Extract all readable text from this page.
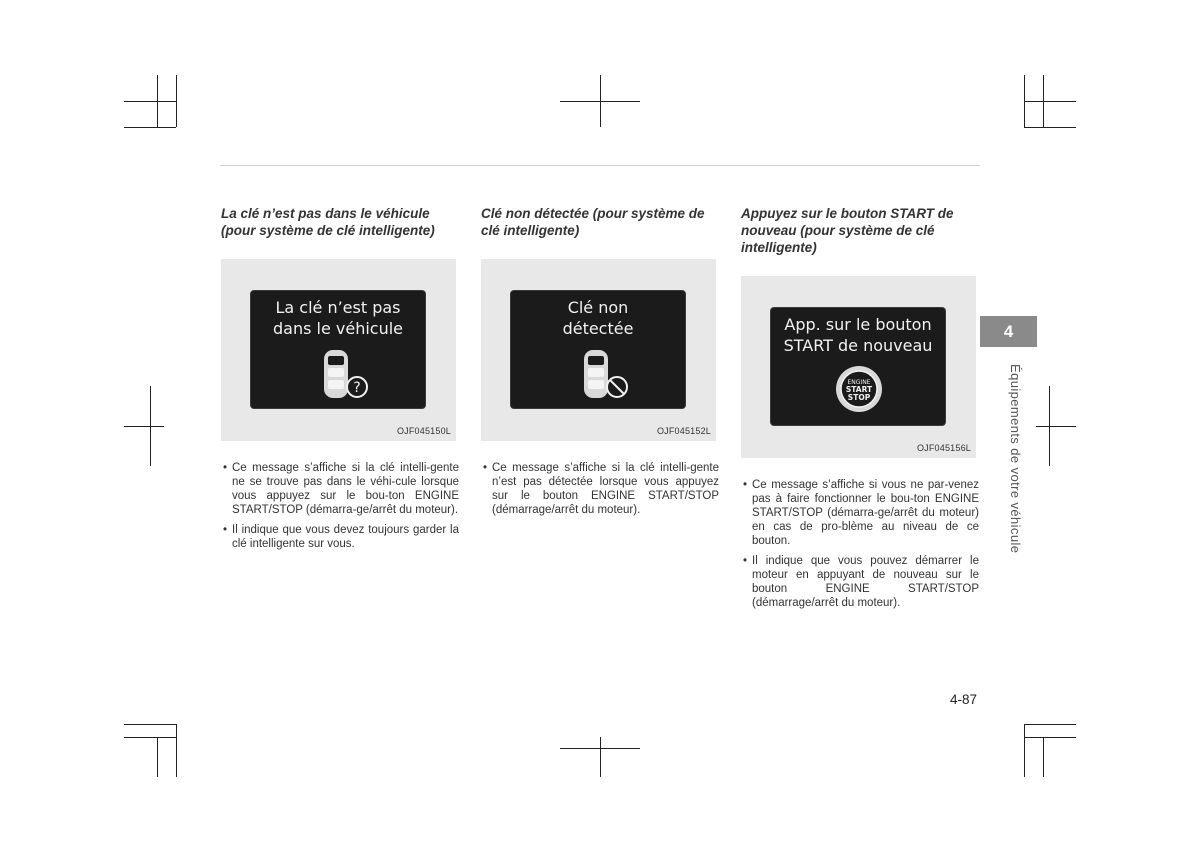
La clé n’est pas dans le véhicule (pour système de clé intelligente)
La clé n’est pas
dans le véhicule
?
OJF045150L
• Ce message s’affiche si la clé intelli-gente ne se trouve pas dans le véhi-cule lorsque vous appuyez sur le bou-ton ENGINE START/STOP (démarra-ge/arrêt du moteur).
• Il indique que vous devez toujours garder la clé intelligente sur vous.
Clé non détectée (pour système de clé intelligente)
Clé non
détectée
OJF045152L
• Ce message s’affiche si la clé intelli-gente n’est pas détectée lorsque vous appuyez sur le bouton ENGINE START/STOP (démarrage/arrêt du moteur).
Appuyez sur le bouton START de nouveau (pour système de clé intelligente)
App. sur le bouton
START de nouveau
ENGINE
START
STOP
OJF045156L
• Ce message s’affiche si vous ne par-venez pas à faire fonctionner le bou-ton ENGINE START/STOP (démarra-ge/arrêt du moteur) en cas de pro-blème au niveau de ce bouton.
• Il indique que vous pouvez démarrer le moteur en appuyant de nouveau sur le bouton ENGINE START/STOP (démarrage/arrêt du moteur).
4
Équipements de votre véhicule
4-87
